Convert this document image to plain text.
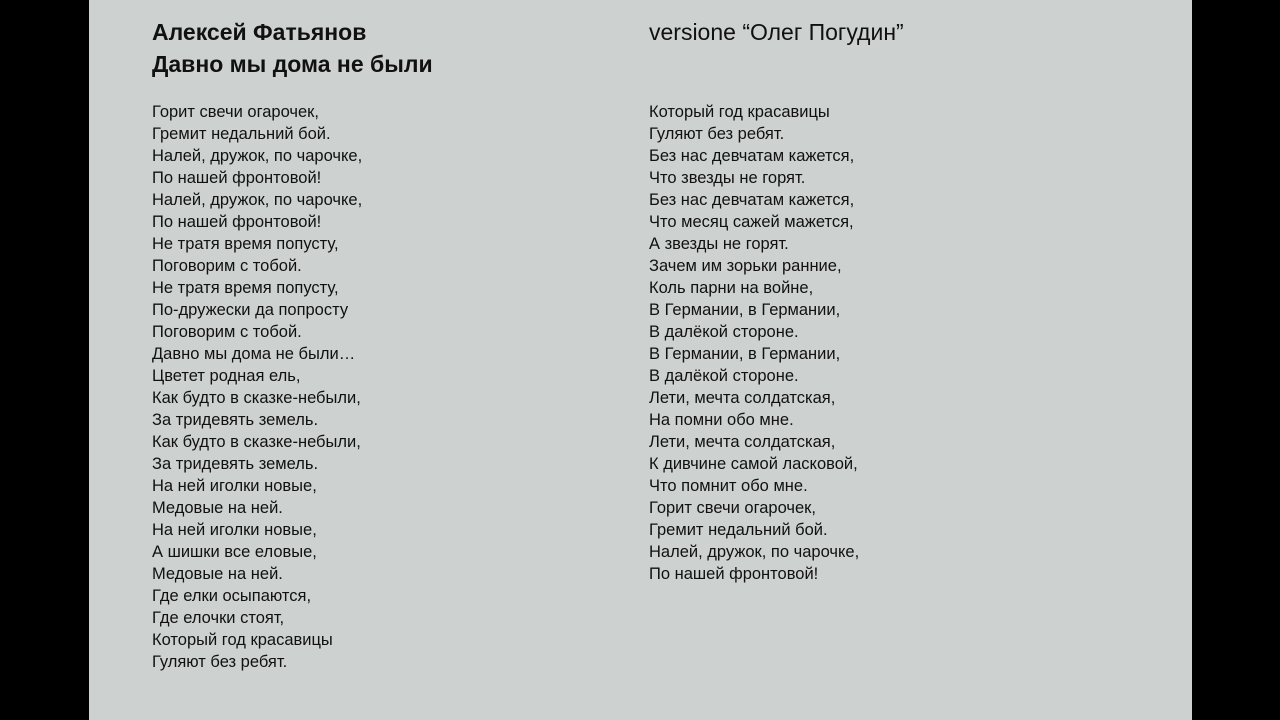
Алексей Фатьянов
Давно мы дома не были
versione “Олег Погудин”
Горит свечи огарочек,
Гремит недальний бой.
Налей, дружок, по чарочке,
По нашей фронтовой!
Налей, дружок, по чарочке,
По нашей фронтовой!
Не тратя время попусту,
Поговорим с тобой.
Не тратя время попусту,
По-дружески да попросту
Поговорим с тобой.
Давно мы дома не были…
Цветет родная ель,
Как будто в сказке-небыли,
За тридевять земель.
Как будто в сказке-небыли,
За тридевять земель.
На ней иголки новые,
Медовые на ней.
На ней иголки новые,
А шишки все еловые,
Медовые на ней.
Где елки осыпаются,
Где елочки стоят,
Который год красавицы
Гуляют без ребят.
Который год красавицы
Гуляют без ребят.
Без нас девчатам кажется,
Что звезды не горят.
Без нас девчатам кажется,
Что месяц сажей мажется,
А звезды не горят.
Зачем им зорьки ранние,
Коль парни на войне,
В Германии, в Германии,
В далёкой стороне.
В Германии, в Германии,
В далёкой стороне.
Лети, мечта солдатская,
На помни обо мне.
Лети, мечта солдатская,
К дивчине самой ласковой,
Что помнит обо мне.
Горит свечи огарочек,
Гремит недальний бой.
Налей, дружок, по чарочке,
По нашей фронтовой!
